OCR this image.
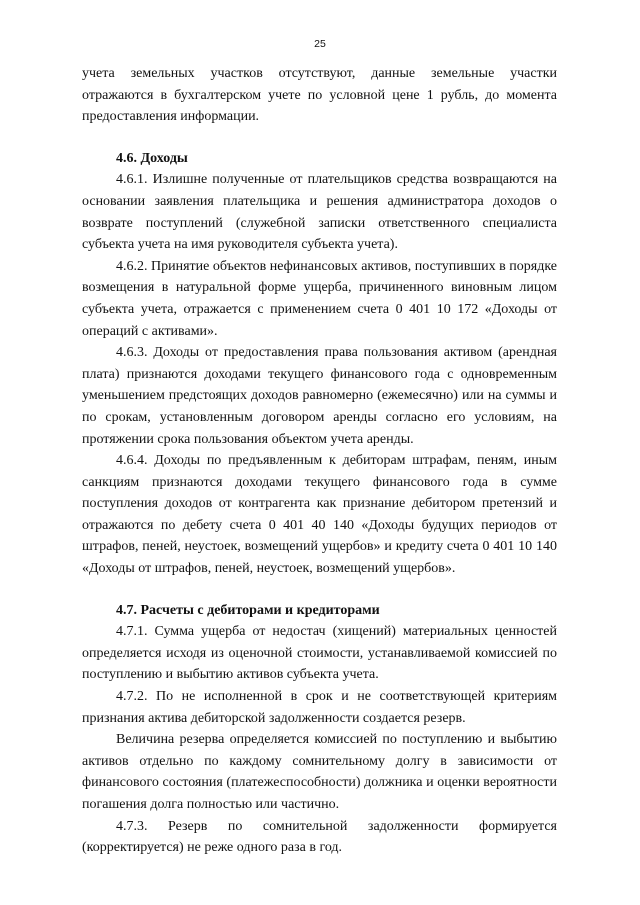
25

учета земельных участков отсутствуют, данные земельные участки отражаются в бухгалтерском учете по условной цене 1 рубль, до момента предоставления информации.

4.6. Доходы

4.6.1. Излишне полученные от плательщиков средства возвращаются на основании заявления плательщика и решения администратора доходов о возврате поступлений (служебной записки ответственного специалиста субъекта учета на имя руководителя субъекта учета).

4.6.2. Принятие объектов нефинансовых активов, поступивших в порядке возмещения в натуральной форме ущерба, причиненного виновным лицом субъекта учета, отражается с применением счета 0 401 10 172 «Доходы от операций с активами».

4.6.3. Доходы от предоставления права пользования активом (арендная плата) признаются доходами текущего финансового года с одновременным уменьшением предстоящих доходов равномерно (ежемесячно) или на суммы и по срокам, установленным договором аренды согласно его условиям, на протяжении срока пользования объектом учета аренды.

4.6.4. Доходы по предъявленным к дебиторам штрафам, пеням, иным санкциям признаются доходами текущего финансового года в сумме поступления доходов от контрагента как признание дебитором претензий и отражаются по дебету счета 0 401 40 140 «Доходы будущих периодов от штрафов, пеней, неустоек, возмещений ущербов» и кредиту счета 0 401 10 140 «Доходы от штрафов, пеней, неустоек, возмещений ущербов».

4.7. Расчеты с дебиторами и кредиторами

4.7.1. Сумма ущерба от недостач (хищений) материальных ценностей определяется исходя из оценочной стоимости, устанавливаемой комиссией по поступлению и выбытию активов субъекта учета.

4.7.2. По не исполненной в срок и не соответствующей критериям признания актива дебиторской задолженности создается резерв.

Величина резерва определяется комиссией по поступлению и выбытию активов отдельно по каждому сомнительному долгу в зависимости от финансового состояния (платежеспособности) должника и оценки вероятности погашения долга полностью или частично.

4.7.3. Резерв по сомнительной задолженности формируется (корректируется) не реже одного раза в год.
